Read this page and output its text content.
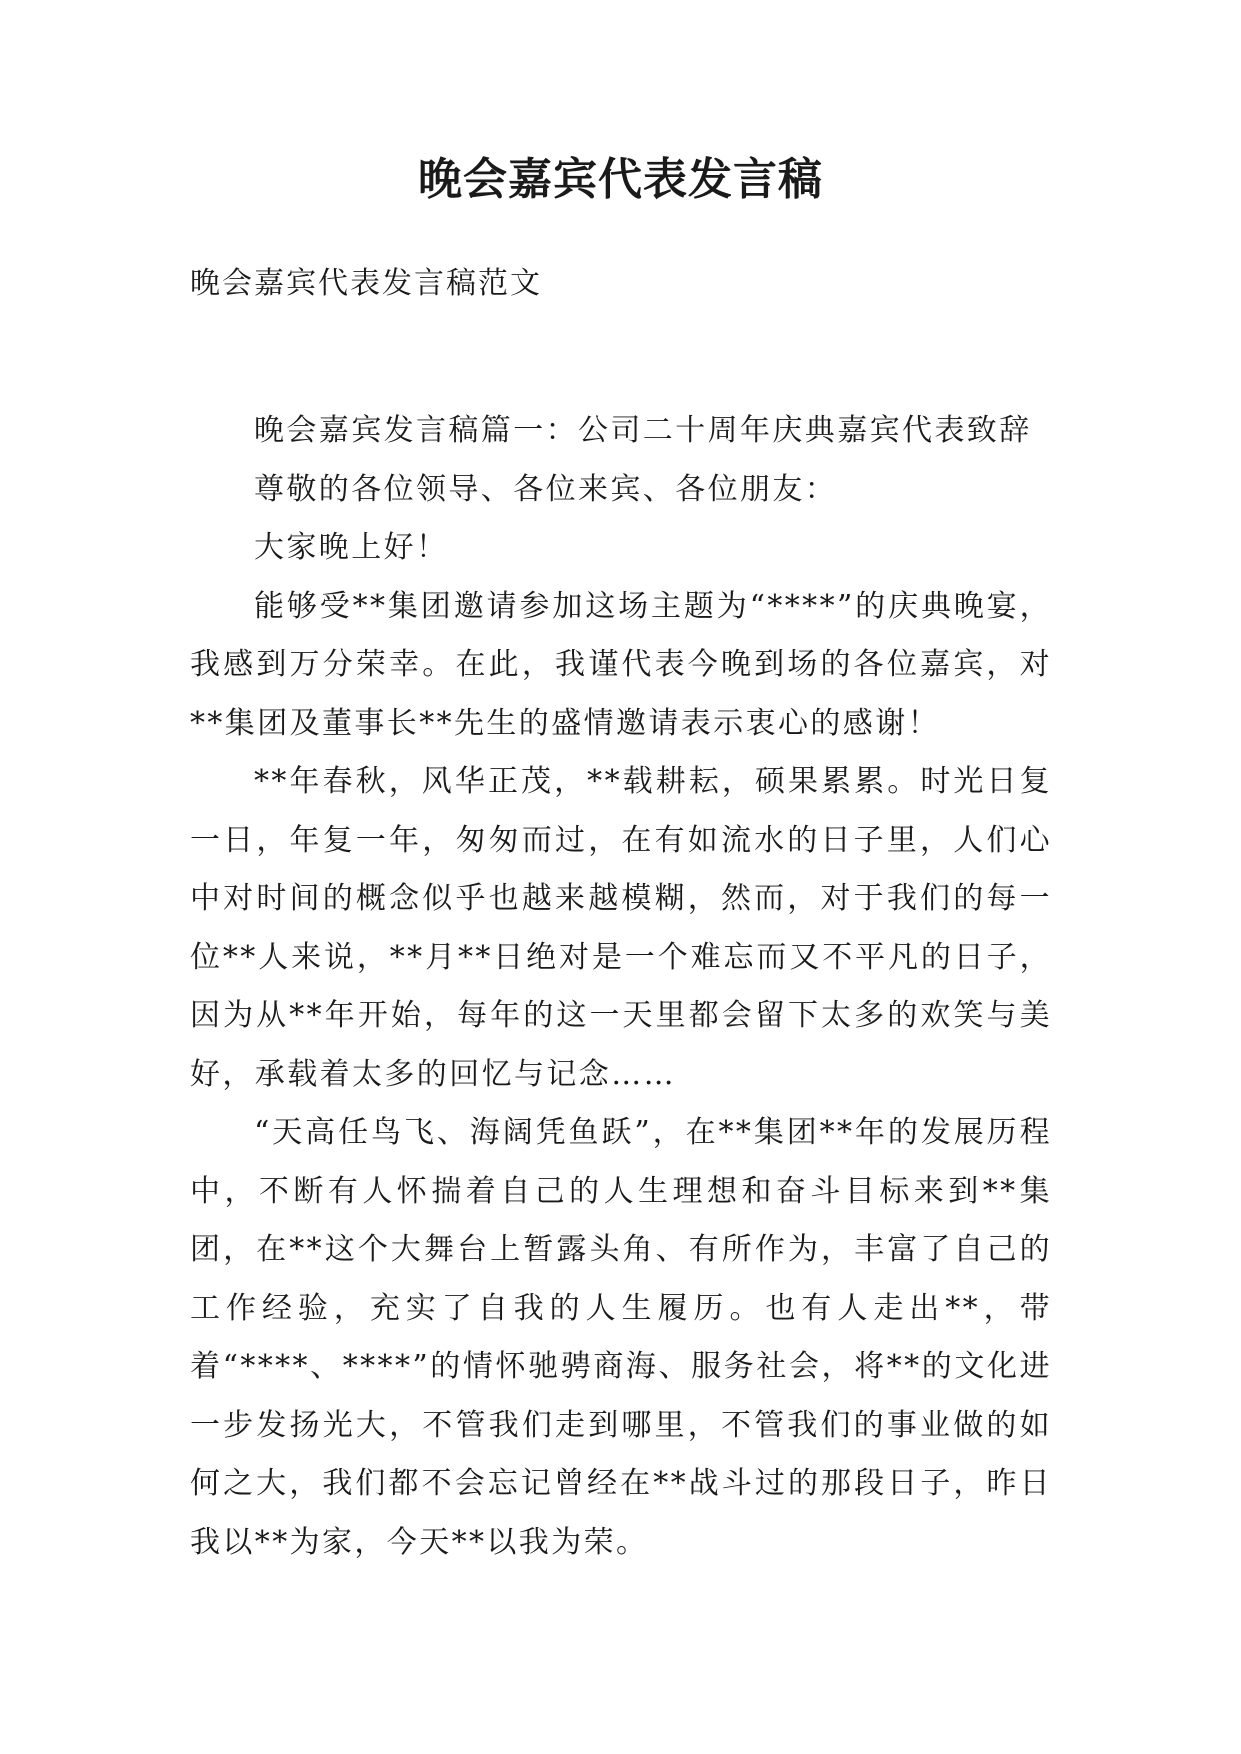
晚会嘉宾代表发言稿

晚会嘉宾代表发言稿范文

晚会嘉宾发言稿篇一：公司二十周年庆典嘉宾代表致辞

尊敬的各位领导、各位来宾、各位朋友：

大家晚上好！

能够受**集团邀请参加这场主题为“****”的庆典晚宴，我感到万分荣幸。在此，我谨代表今晚到场的各位嘉宾，对**集团及董事长**先生的盛情邀请表示衷心的感谢！

**年春秋，风华正茂，**载耕耘，硕果累累。时光日复一日，年复一年，匆匆而过，在有如流水的日子里，人们心中对时间的概念似乎也越来越模糊，然而，对于我们的每一位**人来说，**月**日绝对是一个难忘而又不平凡的日子，因为从**年开始，每年的这一天里都会留下太多的欢笑与美好，承载着太多的回忆与记念……

“天高任鸟飞、海阔凭鱼跃”，在**集团**年的发展历程中，不断有人怀揣着自己的人生理想和奋斗目标来到**集团，在**这个大舞台上暂露头角、有所作为，丰富了自己的工作经验，充实了自我的人生履历。也有人走出**，带着“****、****”的情怀驰骋商海、服务社会，将**的文化进一步发扬光大，不管我们走到哪里，不管我们的事业做的如何之大，我们都不会忘记曾经在**战斗过的那段日子，昨日我以**为家，今天**以我为荣。
